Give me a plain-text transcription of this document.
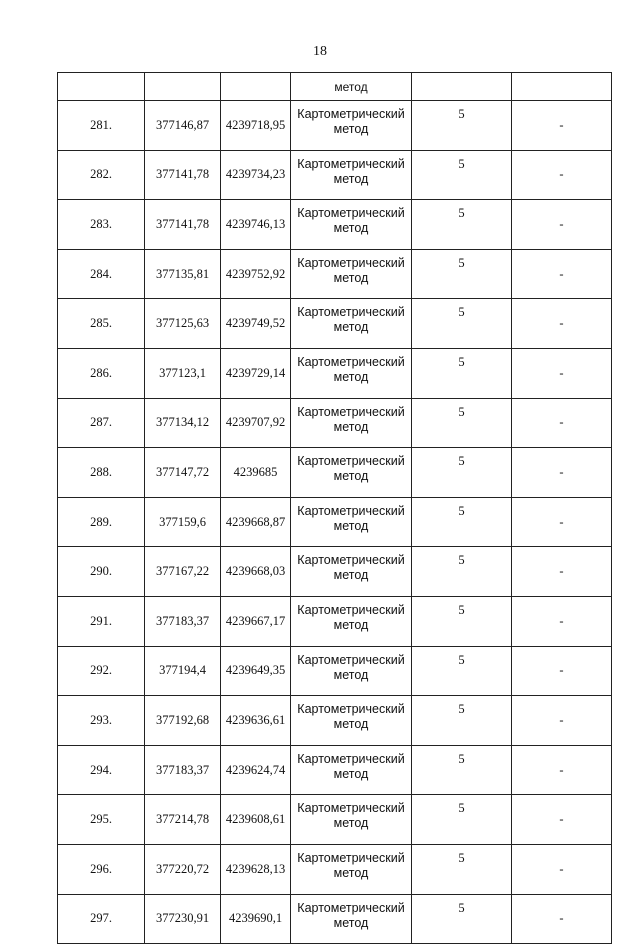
18
			метод		
281.	377146,87	4239718,95	Картометрический метод	5	-
282.	377141,78	4239734,23	Картометрический метод	5	-
283.	377141,78	4239746,13	Картометрический метод	5	-
284.	377135,81	4239752,92	Картометрический метод	5	-
285.	377125,63	4239749,52	Картометрический метод	5	-
286.	377123,1	4239729,14	Картометрический метод	5	-
287.	377134,12	4239707,92	Картометрический метод	5	-
288.	377147,72	4239685	Картометрический метод	5	-
289.	377159,6	4239668,87	Картометрический метод	5	-
290.	377167,22	4239668,03	Картометрический метод	5	-
291.	377183,37	4239667,17	Картометрический метод	5	-
292.	377194,4	4239649,35	Картометрический метод	5	-
293.	377192,68	4239636,61	Картометрический метод	5	-
294.	377183,37	4239624,74	Картометрический метод	5	-
295.	377214,78	4239608,61	Картометрический метод	5	-
296.	377220,72	4239628,13	Картометрический метод	5	-
297.	377230,91	4239690,1	Картометрический метод	5	-
